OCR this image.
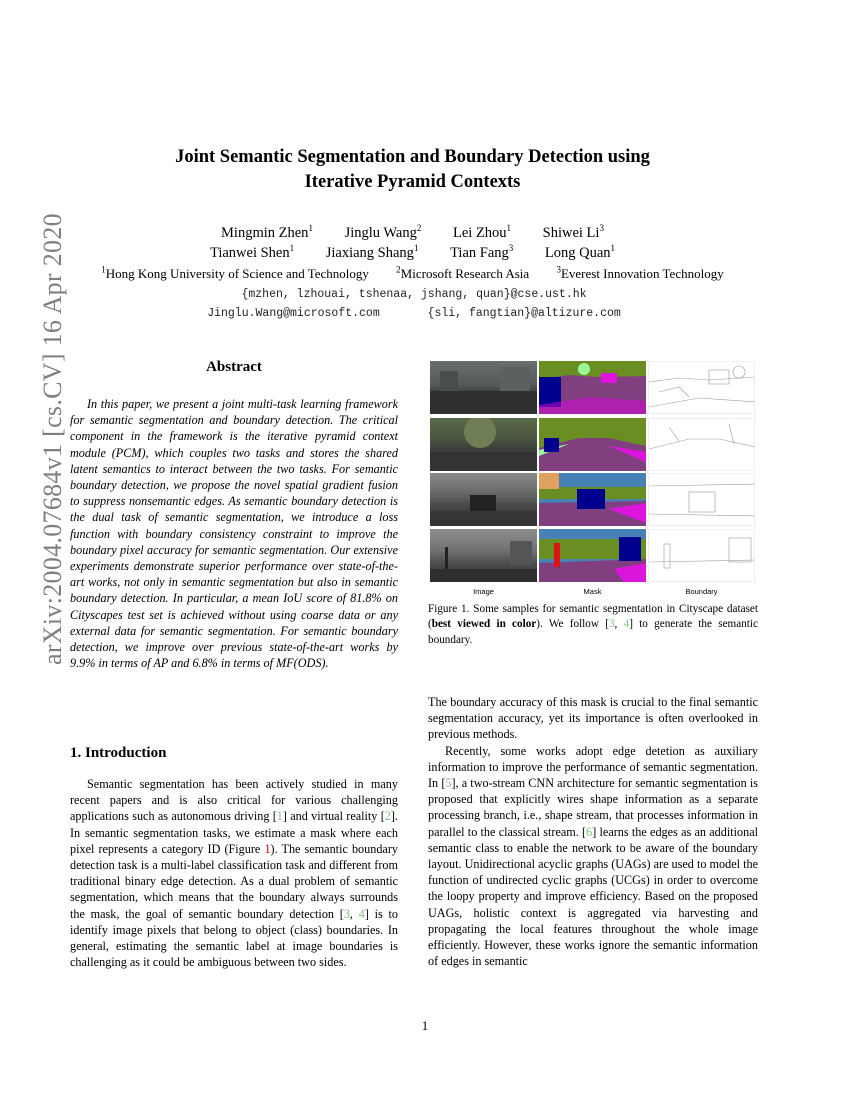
arXiv:2004.07684v1 [cs.CV] 16 Apr 2020
Joint Semantic Segmentation and Boundary Detection using
Iterative Pyramid Contexts
Mingmin Zhen$^1$ Jinglu Wang$^2$ Lei Zhou$^1$ Shiwei Li$^3$
Tianwei Shen$^1$ Jiaxiang Shang$^1$ Tian Fang$^3$ Long Quan$^1$
$^1$Hong Kong University of Science and Technology	$^2$Microsoft Research Asia	$^3$Everest Innovation Technology
{mzhen, lzhouai, tshenaa, jshang, quan}@cse.ust.hk
Jinglu.Wang@microsoft.com	{sli, fangtian}@altizure.com
Abstract

In this paper, we present a joint multi-task learning framework for semantic segmentation and boundary detection. The critical component in the framework is the iterative pyramid context module (PCM), which couples two tasks and stores the shared latent semantics to interact between the two tasks. For semantic boundary detection, we propose the novel spatial gradient fusion to suppress nonsemantic edges. As semantic boundary detection is the dual task of semantic segmentation, we introduce a loss function with boundary consistency constraint to improve the boundary pixel accuracy for semantic segmentation. Our extensive experiments demonstrate superior performance over state-of-the-art works, not only in semantic segmentation but also in semantic boundary detection. In particular, a mean IoU score of 81.8% on Cityscapes test set is achieved without using coarse data or any external data for semantic segmentation. For semantic boundary detection, we improve over previous state-of-the-art works by 9.9% in terms of AP and 6.8% in terms of MF(ODS).

1. Introduction

Semantic segmentation has been actively studied in many recent papers and is also critical for various challenging applications such as autonomous driving [1] and virtual reality [2]. In semantic segmentation tasks, we estimate a mask where each pixel represents a category ID (Figure 1). The semantic boundary detection task is a multi-label classification task and different from traditional binary edge detection. As a dual problem of semantic segmentation, which means that the boundary always surrounds the mask, the goal of semantic boundary detection [3, 4] is to identify image pixels that belong to object (class) boundaries. In general, estimating the semantic label at image boundaries is challenging as it could be ambiguous between two sides.

Image	Mask	Boundary
Figure 1. Some samples for semantic segmentation in Cityscape dataset (best viewed in color). We follow [3, 4] to generate the semantic boundary.

The boundary accuracy of this mask is crucial to the final semantic segmentation accuracy, yet its importance is often overlooked in previous methods.

Recently, some works adopt edge detetion as auxiliary information to improve the performance of semantic segmentation. In [5], a two-stream CNN architecture for semantic segmentation is proposed that explicitly wires shape information as a separate processing branch, i.e., shape stream, that processes information in parallel to the classical stream. [6] learns the edges as an additional semantic class to enable the network to be aware of the boundary layout. Unidirectional acyclic graphs (UAGs) are used to model the function of undirected cyclic graphs (UCGs) in order to overcome the loopy property and improve efficiency. Based on the proposed UAGs, holistic context is aggregated via harvesting and propagating the local features throughout the whole image efficiently. However, these works ignore the semantic information of edges in semantic

1
